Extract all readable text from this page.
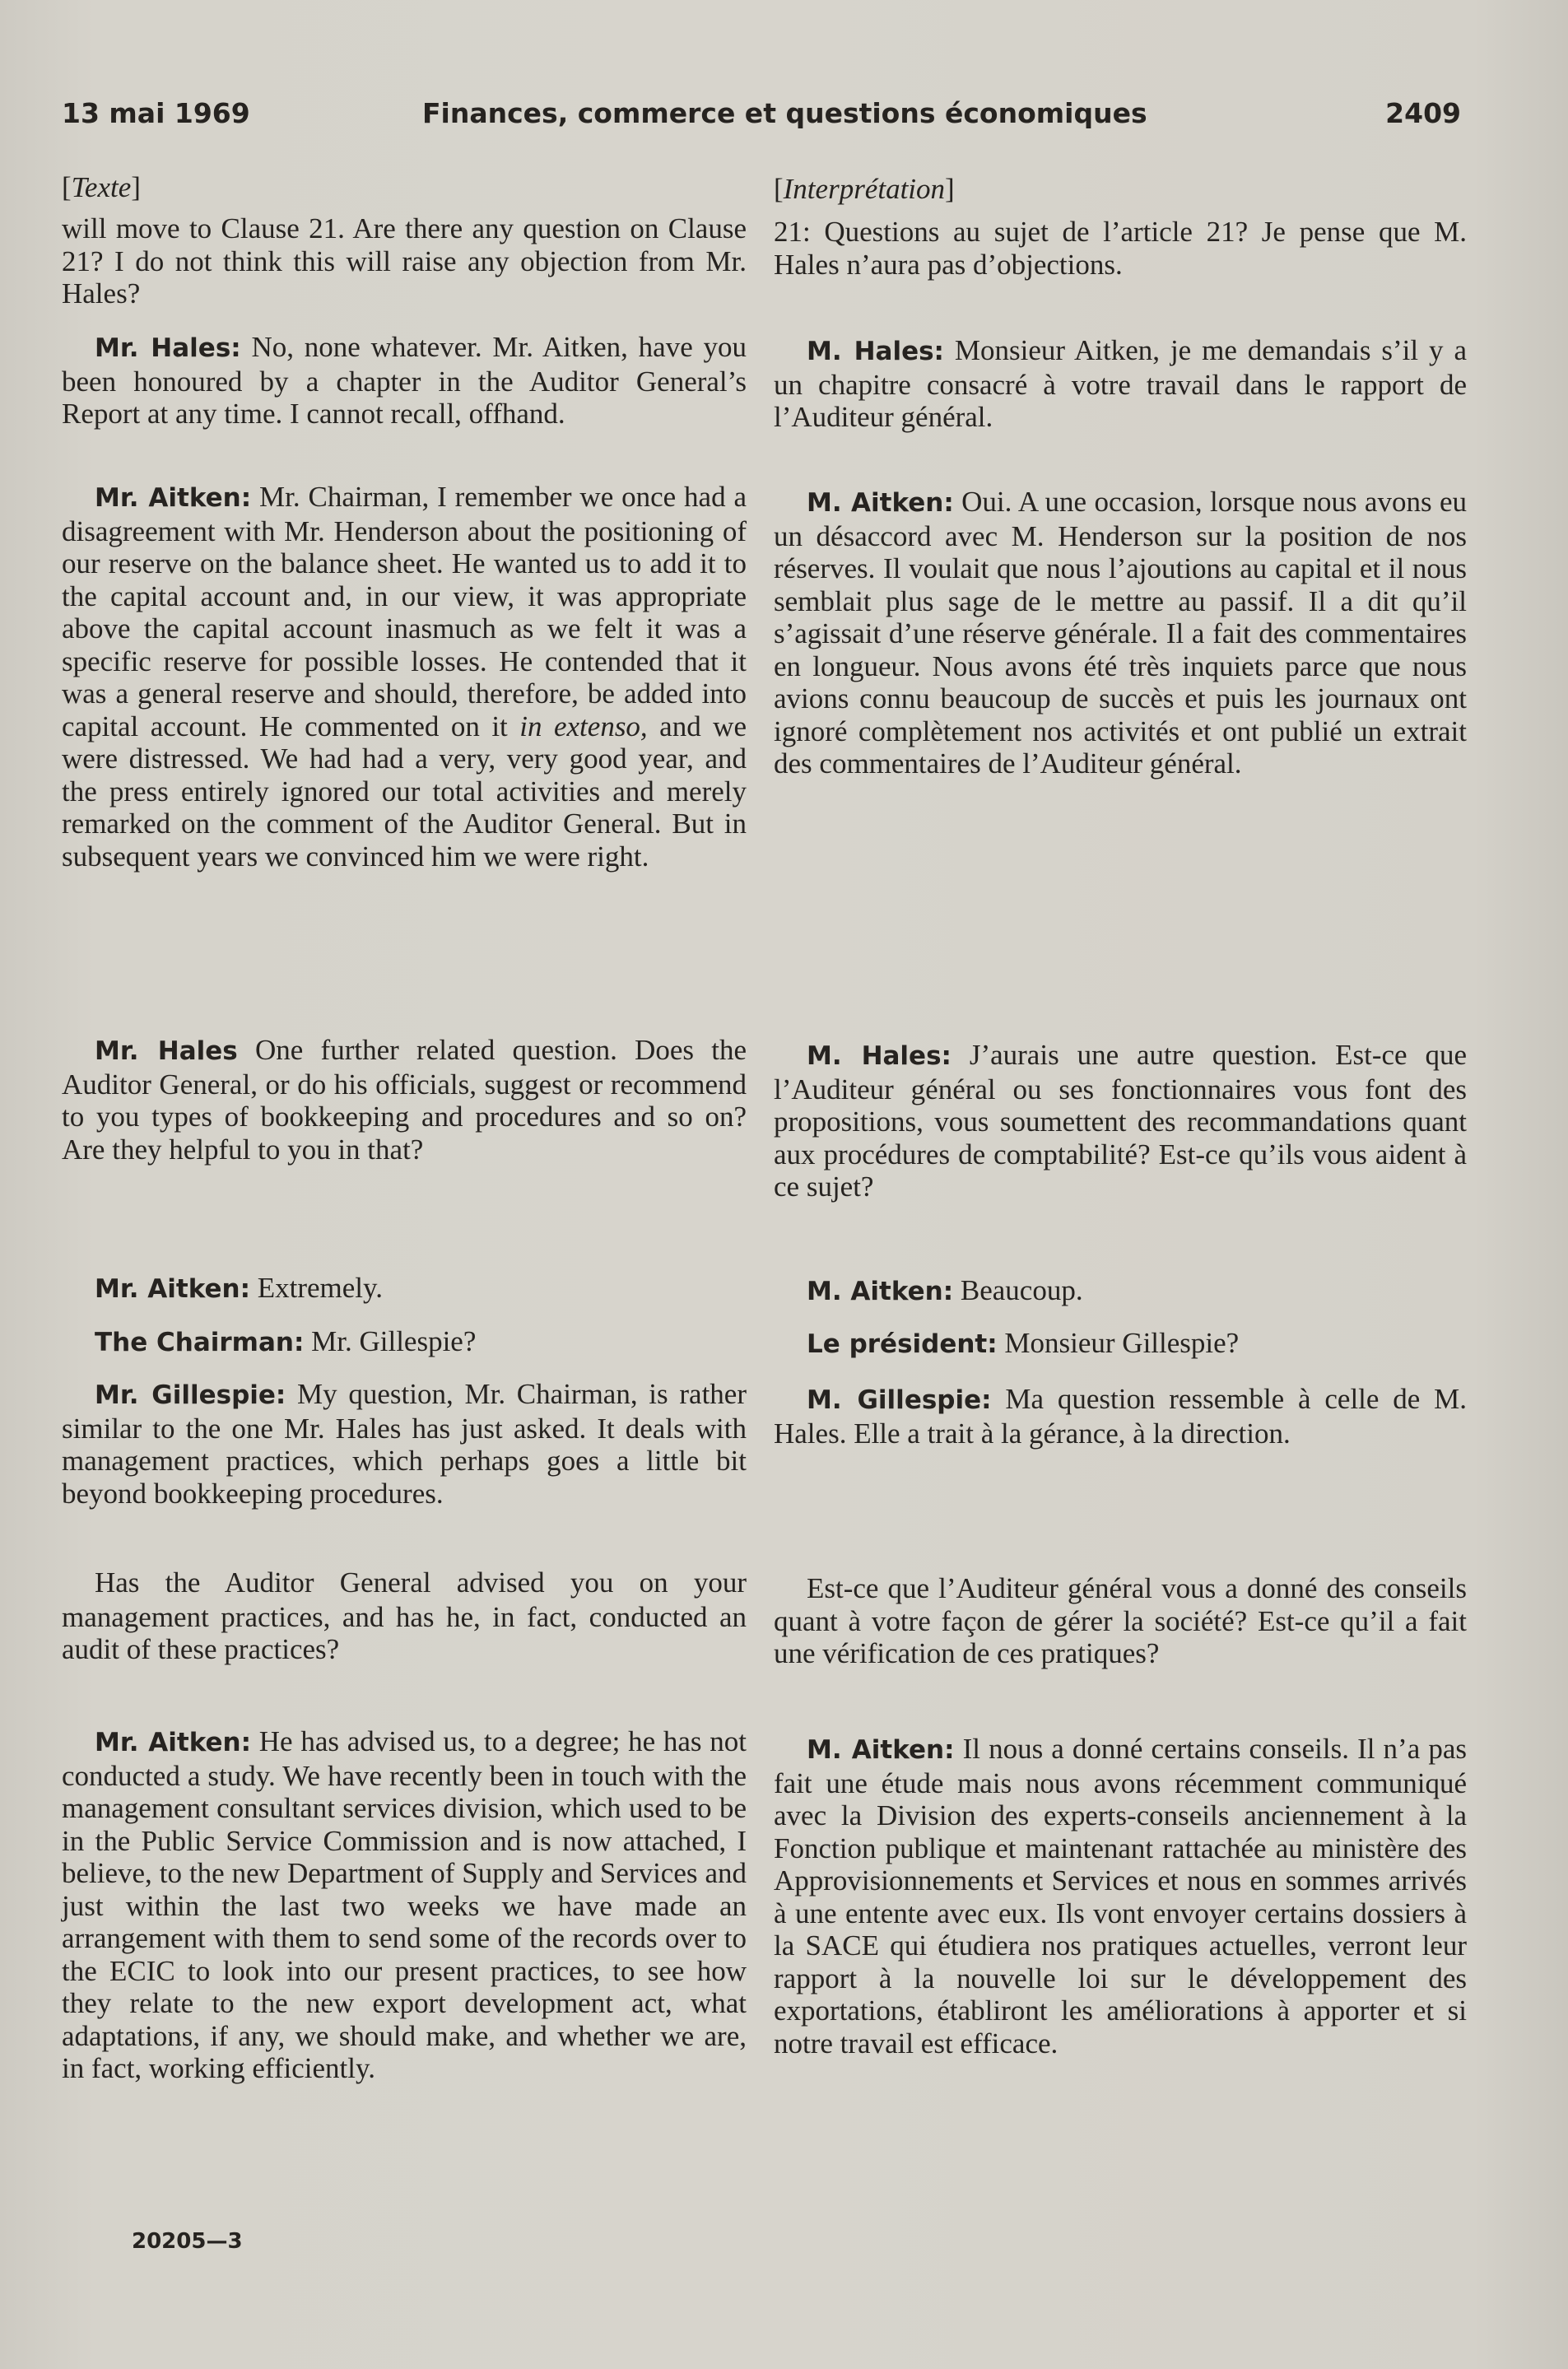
13 mai 1969	Finances, commerce et questions économiques	2409
[Texte]
will move to Clause 21. Are there any question on Clause 21? I do not think this will raise any objection from Mr. Hales?
Mr. Hales: No, none whatever. Mr. Aitken, have you been honoured by a chapter in the Auditor General’s Report at any time. I cannot recall, offhand.
Mr. Aitken: Mr. Chairman, I remember we once had a disagreement with Mr. Henderson about the positioning of our reserve on the balance sheet. He wanted us to add it to the capital account and, in our view, it was appropriate above the capital account inasmuch as we felt it was a specific reserve for possible losses. He contended that it was a general reserve and should, therefore, be added into capital account. He commented on it in extenso, and we were distressed. We had had a very, very good year, and the press entirely ignored our total activities and merely remarked on the comment of the Auditor General. But in subsequent years we convinced him we were right.
Mr. Hales One further related question. Does the Auditor General, or do his officials, suggest or recommend to you types of bookkeeping and procedures and so on? Are they helpful to you in that?
Mr. Aitken: Extremely.
The Chairman: Mr. Gillespie?
Mr. Gillespie: My question, Mr. Chairman, is rather similar to the one Mr. Hales has just asked. It deals with management practices, which perhaps goes a little bit beyond bookkeeping procedures.
Has the Auditor General advised you on your management practices, and has he, in fact, conducted an audit of these practices?
Mr. Aitken: He has advised us, to a degree; he has not conducted a study. We have recently been in touch with the management consultant services division, which used to be in the Public Service Commission and is now attached, I believe, to the new Department of Supply and Services and just within the last two weeks we have made an arrangement with them to send some of the records over to the ECIC to look into our present practices, to see how they relate to the new export development act, what adaptations, if any, we should make, and whether we are, in fact, working efficiently.
[Interprétation]
21: Questions au sujet de l’article 21? Je pense que M. Hales n’aura pas d’objections.
M. Hales: Monsieur Aitken, je me demandais s’il y a un chapitre consacré à votre travail dans le rapport de l’Auditeur général.
M. Aitken: Oui. A une occasion, lorsque nous avons eu un désaccord avec M. Henderson sur la position de nos réserves. Il voulait que nous l’ajoutions au capital et il nous semblait plus sage de le mettre au passif. Il a dit qu’il s’agissait d’une réserve générale. Il a fait des commentaires en longueur. Nous avons été très inquiets parce que nous avions connu beaucoup de succès et puis les journaux ont ignoré complètement nos activités et ont publié un extrait des commentaires de l’Auditeur général.
M. Hales: J’aurais une autre question. Est-ce que l’Auditeur général ou ses fonctionnaires vous font des propositions, vous soumettent des recommandations quant aux procédures de comptabilité? Est-ce qu’ils vous aident à ce sujet?
M. Aitken: Beaucoup.
Le président: Monsieur Gillespie?
M. Gillespie: Ma question ressemble à celle de M. Hales. Elle a trait à la gérance, à la direction.
Est-ce que l’Auditeur général vous a donné des conseils quant à votre façon de gérer la société? Est-ce qu’il a fait une vérification de ces pratiques?
M. Aitken: Il nous a donné certains conseils. Il n’a pas fait une étude mais nous avons récemment communiqué avec la Division des experts-conseils anciennement à la Fonction publique et maintenant rattachée au ministère des Approvisionnements et Services et nous en sommes arrivés à une entente avec eux. Ils vont envoyer certains dossiers à la SACE qui étudiera nos pratiques actuelles, verront leur rapport à la nouvelle loi sur le développement des exportations, établiront les améliorations à apporter et si notre travail est efficace.
20205—3
